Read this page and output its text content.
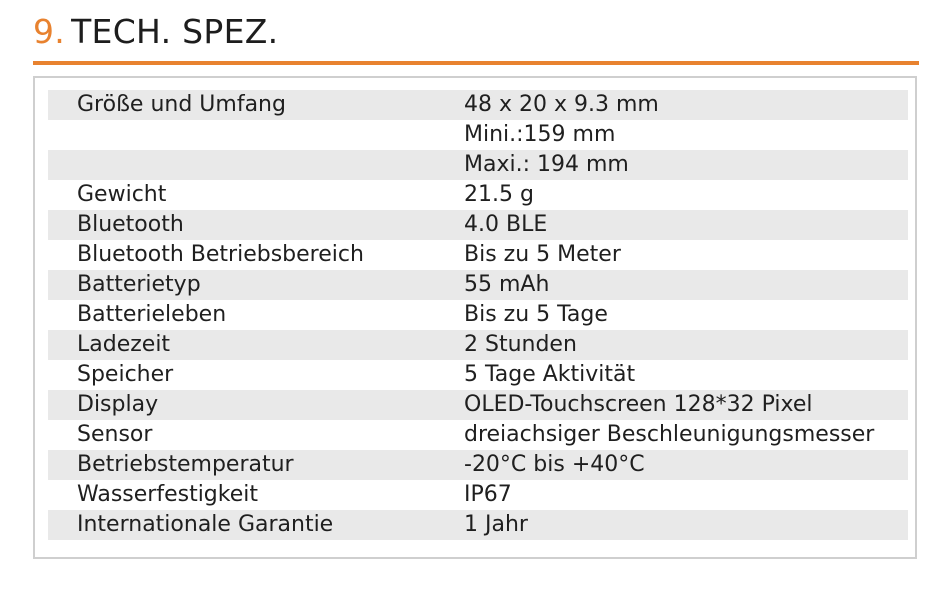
9. TECH. SPEZ.
Größe und Umfang	48 x 20 x 9.3 mm
Mini.:159 mm
Maxi.: 194 mm
Gewicht	21.5 g
Bluetooth	4.0 BLE
Bluetooth Betriebsbereich	Bis zu 5 Meter
Batterietyp	55 mAh
Batterieleben	Bis zu 5 Tage
Ladezeit	2 Stunden
Speicher	5 Tage Aktivität
Display	OLED-Touchscreen 128*32 Pixel
Sensor	dreiachsiger Beschleunigungsmesser
Betriebstemperatur	-20°C bis +40°C
Wasserfestigkeit	IP67
Internationale Garantie	1 Jahr
